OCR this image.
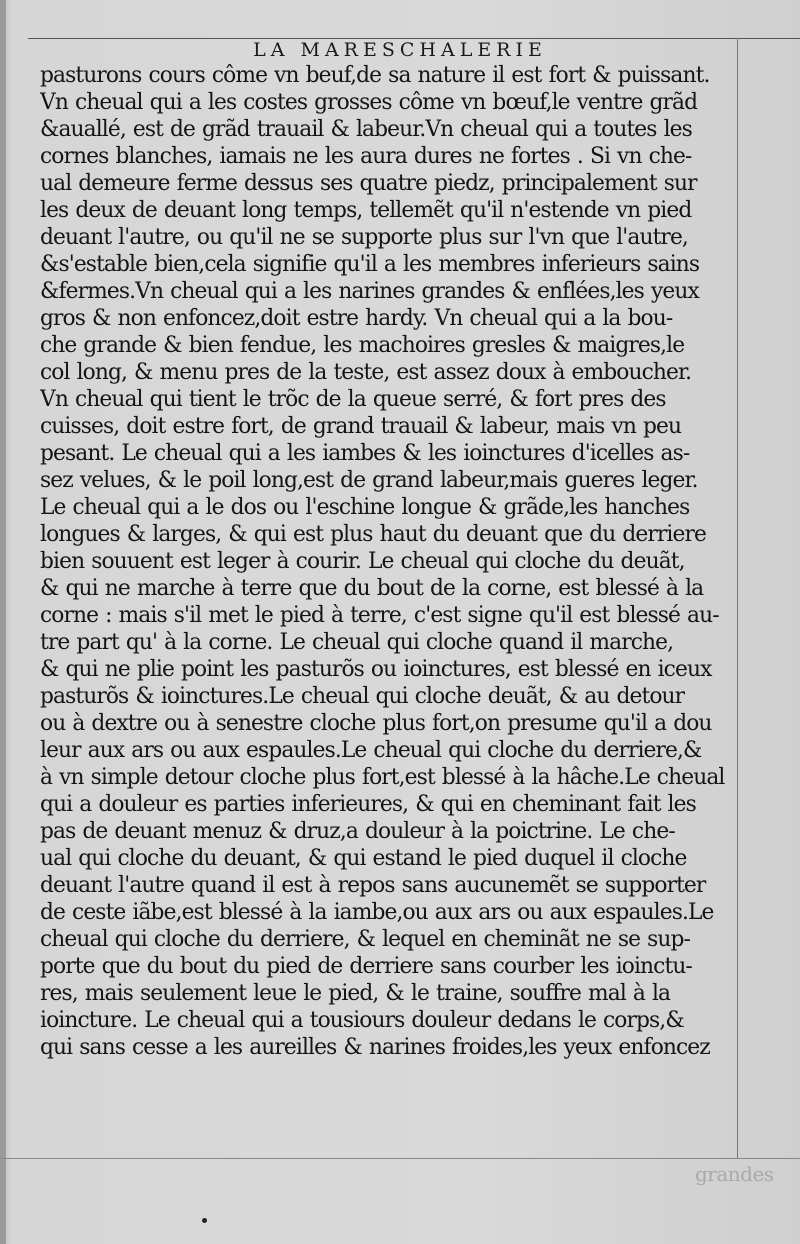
LA MARESCHALERIE
pasturons cours côme vn beuf,de sa nature il est fort & puissant.
Vn cheual qui a les costes grosses côme vn bœuf,le ventre grãd
&auallé, est de grãd trauail & labeur.Vn cheual qui a toutes les
cornes blanches, iamais ne les aura dures ne fortes . Si vn che-
ual demeure ferme dessus ses quatre piedz, principalement sur
les deux de deuant long temps, tellemẽt qu'il n'estende vn pied
deuant l'autre, ou qu'il ne se supporte plus sur l'vn que l'autre,
&s'estable bien,cela signifie qu'il a les membres inferieurs sains
&fermes.Vn cheual qui a les narines grandes & enflées,les yeux
gros & non enfoncez,doit estre hardy. Vn cheual qui a la bou-
che grande & bien fendue, les machoires gresles & maigres,le
col long, & menu pres de la teste, est assez doux à emboucher.
Vn cheual qui tient le trõc de la queue serré, & fort pres des
cuisses, doit estre fort, de grand trauail & labeur, mais vn peu
pesant. Le cheual qui a les iambes & les ioinctures d'icelles as-
sez velues, & le poil long,est de grand labeur,mais gueres leger.
Le cheual qui a le dos ou l'eschine longue & grãde,les hanches
longues & larges, & qui est plus haut du deuant que du derriere
bien souuent est leger à courir. Le cheual qui cloche du deuãt,
& qui ne marche à terre que du bout de la corne, est blessé à la
corne : mais s'il met le pied à terre, c'est signe qu'il est blessé au-
tre part qu' à la corne. Le cheual qui cloche quand il marche,
& qui ne plie point les pasturõs ou ioinctures, est blessé en iceux
pasturõs & ioinctures.Le cheual qui cloche deuãt, & au detour
ou à dextre ou à senestre cloche plus fort,on presume qu'il a dou
leur aux ars ou aux espaules.Le cheual qui cloche du derriere,&
à vn simple detour cloche plus fort,est blessé à la hâche.Le cheual
qui a douleur es parties inferieures, & qui en cheminant fait les
pas de deuant menuz & druz,a douleur à la poictrine. Le che-
ual qui cloche du deuant, & qui estand le pied duquel il cloche
deuant l'autre quand il est à repos sans aucunemẽt se supporter
de ceste iãbe,est blessé à la iambe,ou aux ars ou aux espaules.Le
cheual qui cloche du derriere, & lequel en cheminãt ne se sup-
porte que du bout du pied de derriere sans courber les ioinctu-
res, mais seulement leue le pied, & le traine, souffre mal à la
ioincture. Le cheual qui a tousiours douleur dedans le corps,&
qui sans cesse a les aureilles & narines froides,les yeux enfoncez
grandes
